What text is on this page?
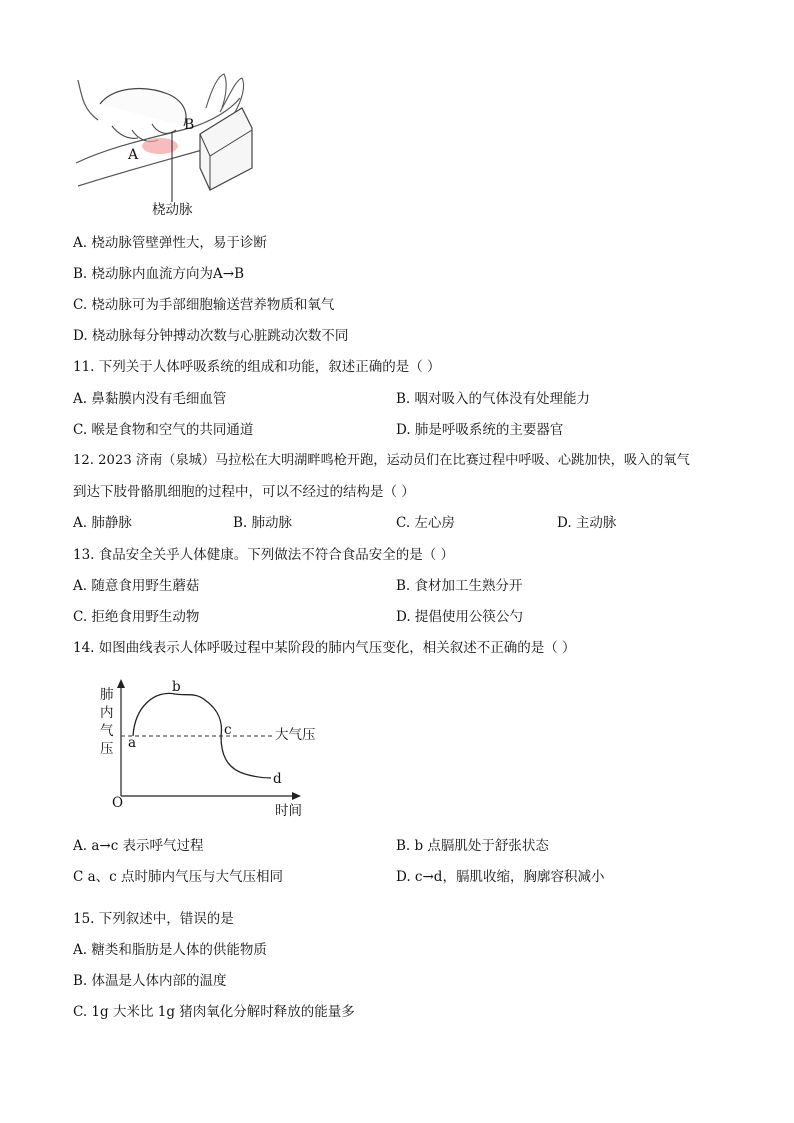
A
B
桡动脉
A. 桡动脉管壁弹性大，易于诊断
B. 桡动脉内血流方向为A→B
C. 桡动脉可为手部细胞输送营养物质和氧气
D. 桡动脉每分钟搏动次数与心脏跳动次数不同
11. 下列关于人体呼吸系统的组成和功能，叙述正确的是（ ）
A. 鼻黏膜内没有毛细血管	B. 咽对吸入的气体没有处理能力
C. 喉是食物和空气的共同通道	D. 肺是呼吸系统的主要器官
12. 2023 济南（泉城）马拉松在大明湖畔鸣枪开跑，运动员们在比赛过程中呼吸、心跳加快，吸入的氧气
到达下肢骨骼肌细胞的过程中，可以不经过的结构是（ ）
A. 肺静脉	B. 肺动脉	C. 左心房	D. 主动脉
13. 食品安全关乎人体健康。下列做法不符合食品安全的是（ ）
A. 随意食用野生蘑菇	B. 食材加工生熟分开
C. 拒绝食用野生动物	D. 提倡使用公筷公勺
14. 如图曲线表示人体呼吸过程中某阶段的肺内气压变化，相关叙述不正确的是（ ）
肺
内
气
压
O	时间
大气压
a
b
c
d
A. a→c 表示呼气过程	B. b 点膈肌处于舒张状态
C a、c 点时肺内气压与大气压相同	D. c→d，膈肌收缩，胸廓容积减小
15. 下列叙述中，错误的是
A. 糖类和脂肪是人体的供能物质
B. 体温是人体内部的温度
C. 1g 大米比 1g 猪肉氧化分解时释放的能量多
